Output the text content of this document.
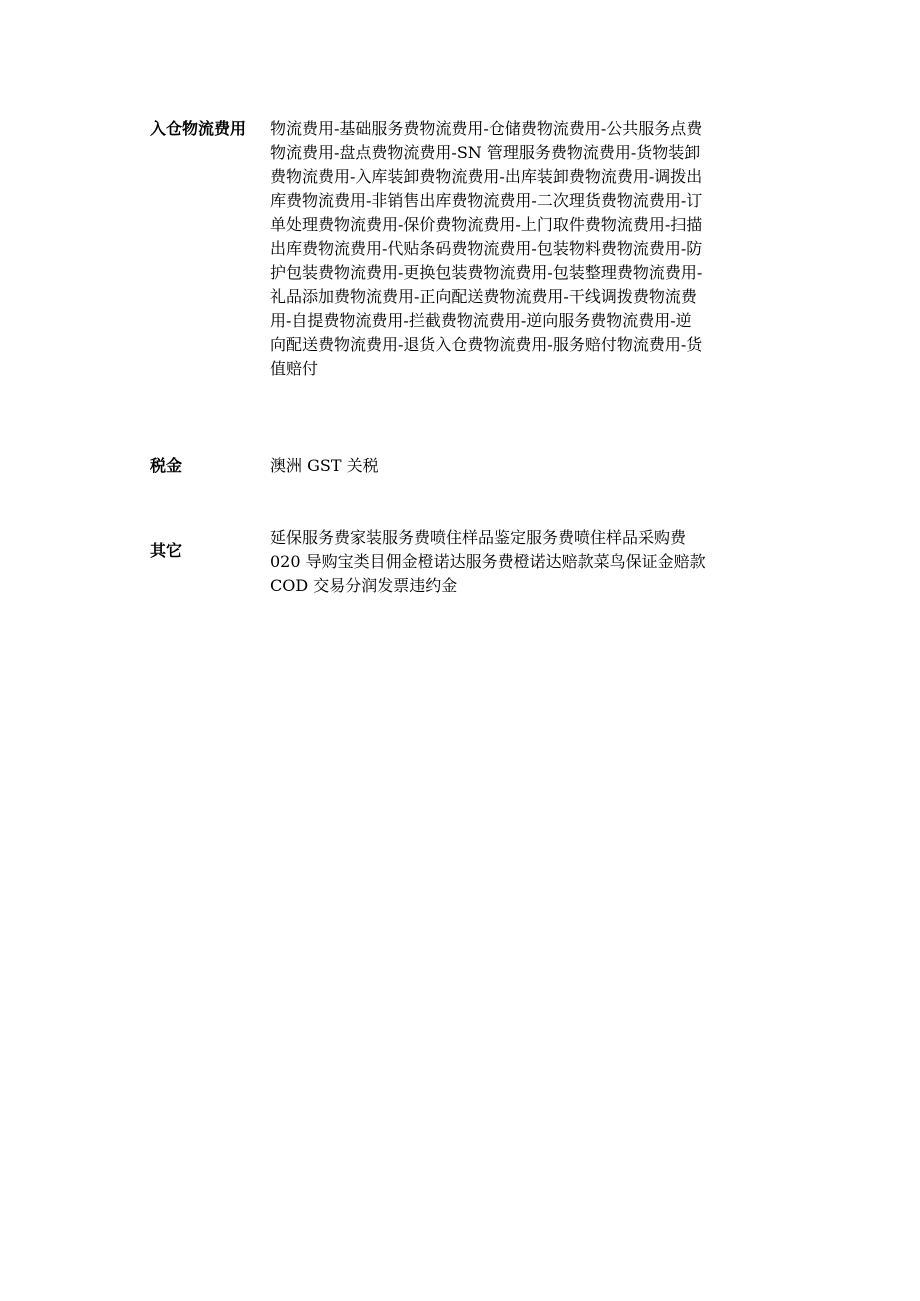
入仓物流费用	物流费用-基础服务费物流费用-仓储费物流费用-公共服务点费
物流费用-盘点费物流费用-SN 管理服务费物流费用-货物装卸
费物流费用-入库装卸费物流费用-出库装卸费物流费用-调拨出
库费物流费用-非销售出库费物流费用-二次理货费物流费用-订
单处理费物流费用-保价费物流费用-上门取件费物流费用-扫描
出库费物流费用-代贴条码费物流费用-包装物料费物流费用-防
护包装费物流费用-更换包装费物流费用-包装整理费物流费用-
礼品添加费物流费用-正向配送费物流费用-干线调拨费物流费
用-自提费物流费用-拦截费物流费用-逆向服务费物流费用-逆
向配送费物流费用-退货入仓费物流费用-服务赔付物流费用-货
值赔付
税金	澳洲 GST 关税
其它
延保服务费家装服务费喷住样品鉴定服务费喷住样品采购费
020 导购宝类目佣金橙诺达服务费橙诺达赔款菜鸟保证金赔款
COD 交易分润发票违约金
